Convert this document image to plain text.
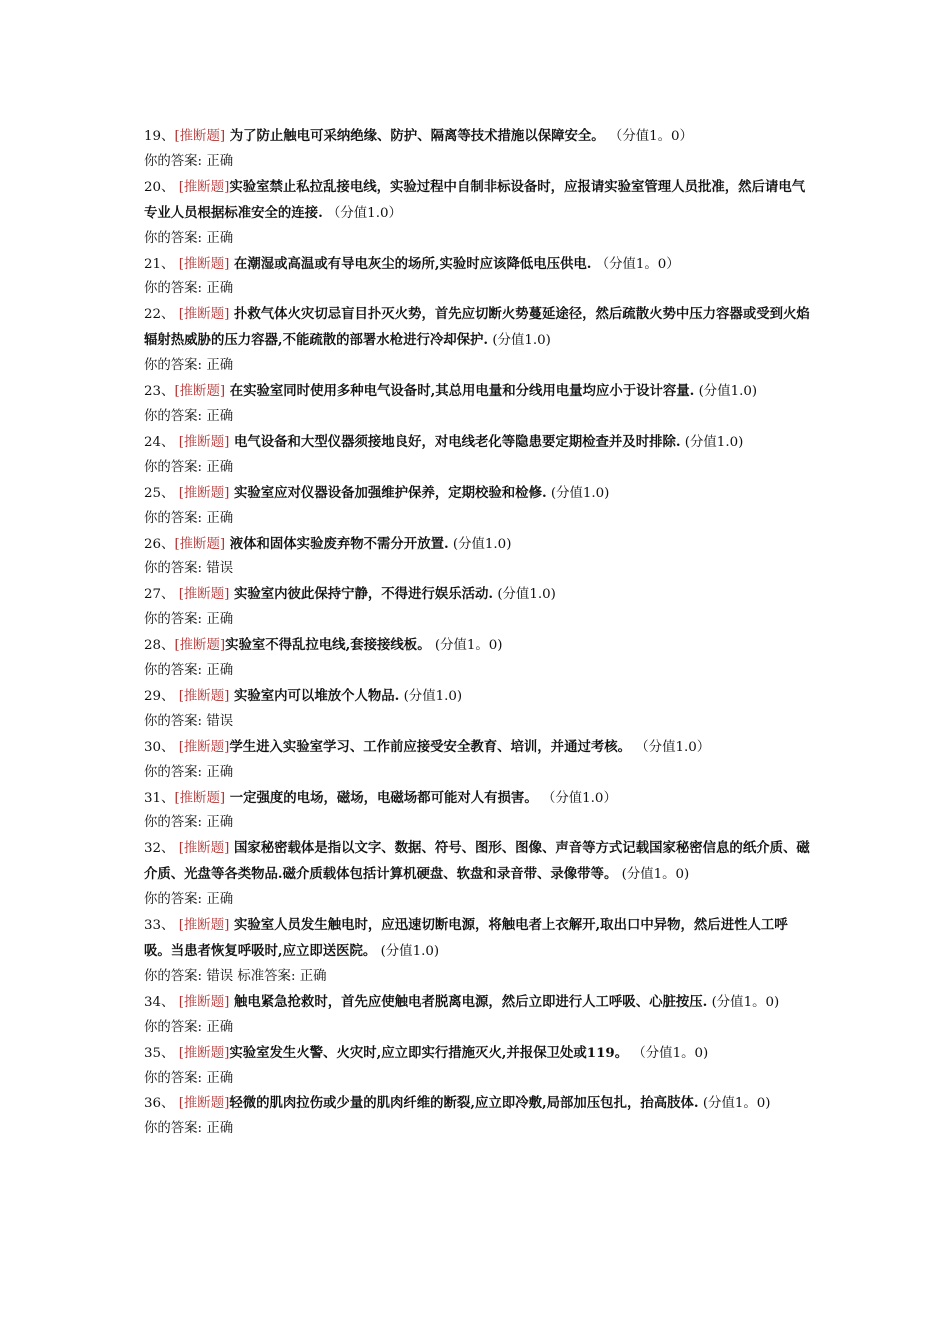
19、[推断题] 为了防止触电可采纳绝缘、防护、隔离等技术措施以保障安全。 （分值1。0）

你的答案: 正确

20、 [推断题]实验室禁止私拉乱接电线，实验过程中自制非标设备时，应报请实验室管理人员批准，然后请电气专业人员根据标准安全的连接. （分值1.0）

你的答案: 正确

21、 [推断题] 在潮湿或高温或有导电灰尘的场所,实验时应该降低电压供电. （分值1。0）

你的答案: 正确

22、 [推断题] 扑救气体火灾切忌盲目扑灭火势，首先应切断火势蔓延途径，然后疏散火势中压力容器或受到火焰辐射热威胁的压力容器,不能疏散的部署水枪进行冷却保护. (分值1.0)

你的答案: 正确

23、[推断题] 在实验室同时使用多种电气设备时,其总用电量和分线用电量均应小于设计容量. (分值1.0)

你的答案: 正确

24、 [推断题] 电气设备和大型仪器须接地良好，对电线老化等隐患要定期检查并及时排除. (分值1.0)

你的答案: 正确

25、 [推断题] 实验室应对仪器设备加强维护保养，定期校验和检修. (分值1.0)

你的答案: 正确

26、[推断题] 液体和固体实验废弃物不需分开放置. (分值1.0)

你的答案: 错误

27、 [推断题] 实验室内彼此保持宁静，不得进行娱乐活动. (分值1.0)

你的答案: 正确

28、[推断题]实验室不得乱拉电线,套接接线板。 (分值1。0)

你的答案: 正确

29、 [推断题] 实验室内可以堆放个人物品. (分值1.0)

你的答案: 错误

30、 [推断题]学生进入实验室学习、工作前应接受安全教育、培训，并通过考核。 （分值1.0）

你的答案: 正确

31、[推断题] 一定强度的电场，磁场，电磁场都可能对人有损害。 （分值1.0）

你的答案: 正确

32、 [推断题] 国家秘密载体是指以文字、数据、符号、图形、图像、声音等方式记载国家秘密信息的纸介质、磁介质、光盘等各类物品.磁介质载体包括计算机硬盘、软盘和录音带、录像带等。 (分值1。0)

你的答案: 正确

33、 [推断题] 实验室人员发生触电时，应迅速切断电源，将触电者上衣解开,取出口中异物，然后进性人工呼吸。当患者恢复呼吸时,应立即送医院。 (分值1.0)

你的答案: 错误 标准答案: 正确

34、 [推断题] 触电紧急抢救时，首先应使触电者脱离电源，然后立即进行人工呼吸、心脏按压. (分值1。0)

你的答案: 正确

35、 [推断题]实验室发生火警、火灾时,应立即实行措施灭火,并报保卫处或119。 （分值1。0)

你的答案: 正确

36、 [推断题]轻微的肌肉拉伤或少量的肌肉纤维的断裂,应立即冷敷,局部加压包扎，抬高肢体. (分值1。0)

你的答案: 正确
